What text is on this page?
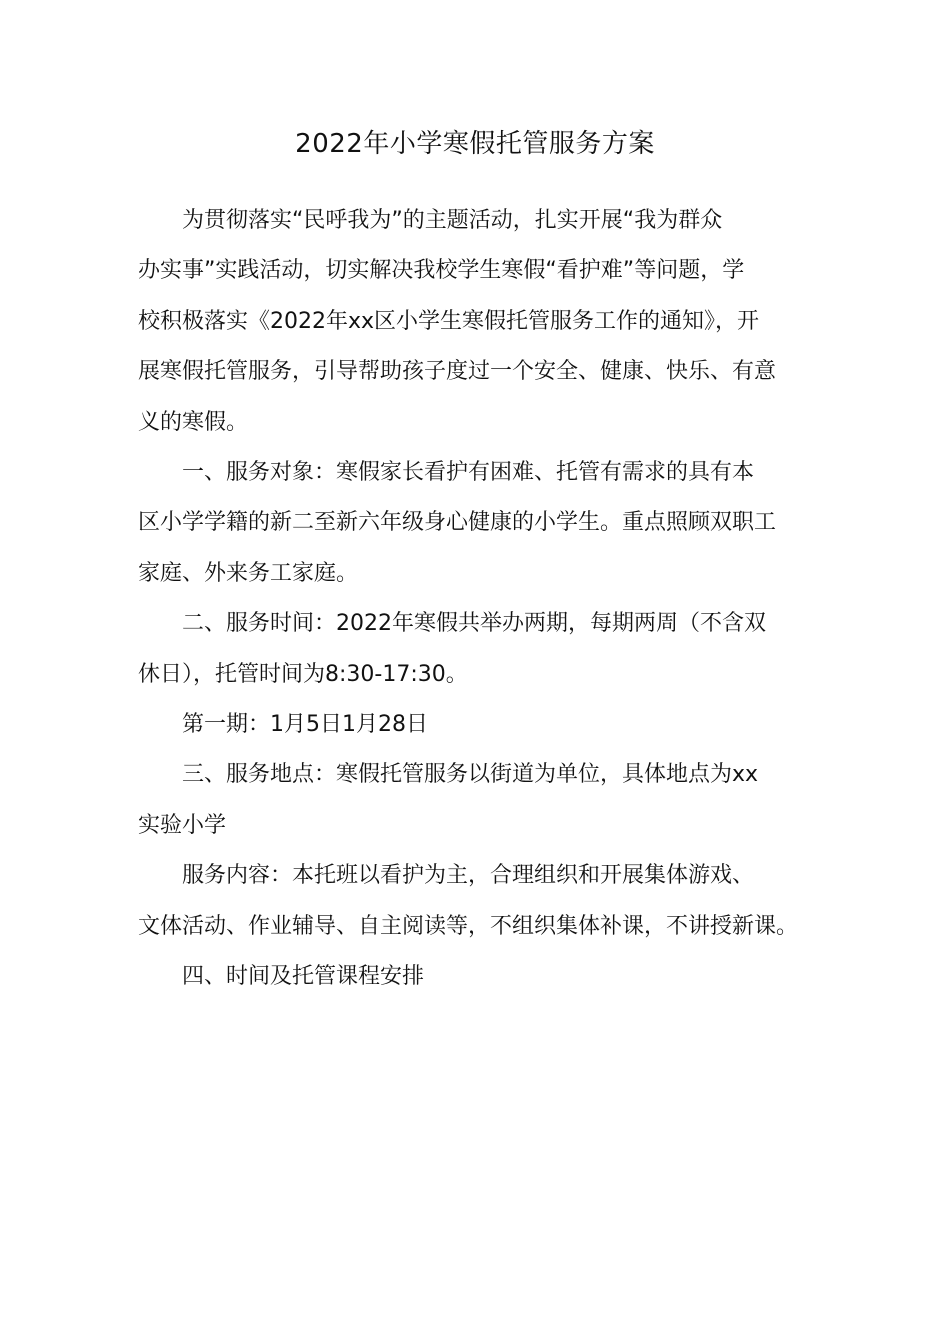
2022年小学寒假托管服务方案

为贯彻落实“民呼我为”的主题活动，扎实开展“我为群众
办实事”实践活动，切实解决我校学生寒假“看护难”等问题，学
校积极落实《2022年xx区小学生寒假托管服务工作的通知》，开
展寒假托管服务，引导帮助孩子度过一个安全、健康、快乐、有意
义的寒假。

一、服务对象：寒假家长看护有困难、托管有需求的具有本
区小学学籍的新二至新六年级身心健康的小学生。重点照顾双职工
家庭、外来务工家庭。

二、服务时间：2022年寒假共举办两期，每期两周（不含双
休日），托管时间为8:30-17:30。

第一期：1月5日1月28日

三、服务地点：寒假托管服务以街道为单位，具体地点为xx
实验小学

服务内容：本托班以看护为主，合理组织和开展集体游戏、
文体活动、作业辅导、自主阅读等，不组织集体补课，不讲授新课。

四、时间及托管课程安排
